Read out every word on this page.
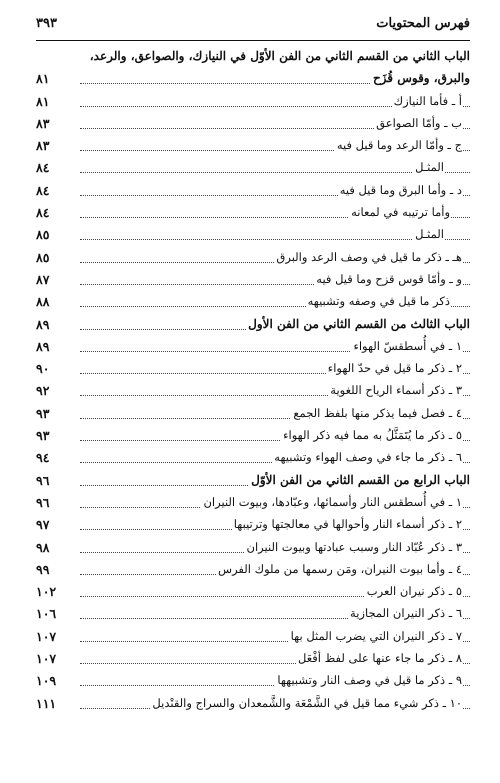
٣٩٣	فهرس المحتويات
الباب الثاني من القسم الثاني من الفن الأوّل في النيازك، والصواعق، والرعد،
والبرق، وقوس قُزَح
٨١
أ ـ فأما النيازك
٨١
ب ـ وأمّا الصواعق
٨٣
ج ـ وأمّا الرعد وما قيل فيه
٨٣
المثـل
٨٤
د ـ وأما البرق وما قيل فيه
٨٤
وأما ترتيبه في لمعانه
٨٤
المثـل
٨٥
هـ ـ ذكر ما قيل في وصف الرعد والبرق
٨٥
و ـ وأمّا قوس قزح وما قيل فيه
٨٧
ذكر ما قيل في وصفه وتشبيهه
٨٨
الباب الثالث من القسم الثاني من الفن الأول
٨٩
١ ـ في أُسطقسّ الهواء
٨٩
٢ ـ ذكر ما قيل في حدّ الهواء
٩٠
٣ ـ ذكر أسماء الرياح اللغوية
٩٢
٤ ـ فصل فيما يذكر منها بلفظ الجمع
٩٣
٥ ـ ذكر ما يُتَمَثَّلُ به مما فيه ذكر الهواء
٩٣
٦ ـ ذكر ما جاء في وصف الهواء وتشبيهه
٩٤
الباب الرابع من القسم الثاني من الفن الأوّل
٩٦
١ ـ في أُسطقس النار وأسمائها، وعبّادها، وبيوت النيران
٩٦
٢ ـ ذكر أسماء النار وأحوالها في معالجتها وترتيبها
٩٧
٣ ـ ذكر عُبّاد النار وسبب عبادتها وبيوت النيران
٩٨
٤ ـ وأما بيوت النيران، ومَن رسمها من ملوك الفرس
٩٩
٥ ـ ذكر نيران العرب
١٠٢
٦ ـ ذكر النيران المجازية
١٠٦
٧ ـ ذكر النيران التي يضرب المثل بها
١٠٧
٨ ـ ذكر ما جاء عنها على لفظ أفْعَل
١٠٧
٩ ـ ذكر ما قيل في وصف النار وتشبيهها
١٠٩
١٠ ـ ذكر شيء مما قيل في الشَّمْعَة والشَّمعدان والسراج والقنْديل
١١١
